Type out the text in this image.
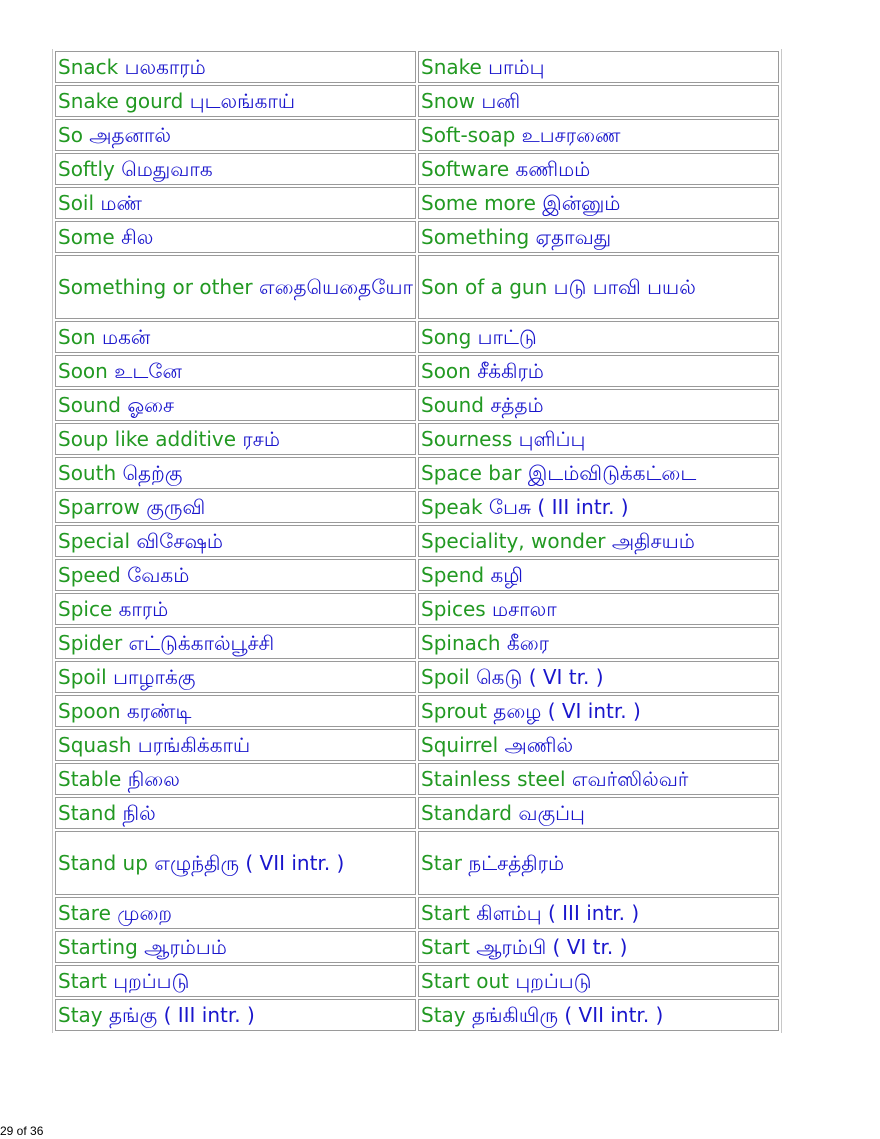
Snack பலகாரம்	Snake பாம்பு
Snake gourd புடலங்காய்	Snow பனி
So அதனால்	Soft-soap உபசரணை
Softly மெதுவாக	Software கணிமம்
Soil மண்	Some more இன்னும்
Some சில	Something ஏதாவது
Something or other எதையெதையோ	Son of a gun படு பாவி பயல்
Son மகன்	Song பாட்டு
Soon உடனே	Soon சீக்கிரம்
Sound ஓசை	Sound சத்தம்
Soup like additive ரசம்	Sourness புளிப்பு
South தெற்கு	Space bar இடம்விடுக்கட்டை
Sparrow குருவி	Speak பேசு ( III intr. )
Special விசேஷம்	Speciality, wonder அதிசயம்
Speed வேகம்	Spend கழி
Spice காரம்	Spices மசாலா
Spider எட்டுக்கால்பூச்சி	Spinach கீரை
Spoil பாழாக்கு	Spoil கெடு ( VI tr. )
Spoon கரண்டி	Sprout தழை ( VI intr. )
Squash பரங்கிக்காய்	Squirrel அணில்
Stable நிலை	Stainless steel எவர்ஸில்வர்
Stand நில்	Standard வகுப்பு
Stand up எழுந்திரு ( VII intr. )	Star நட்சத்திரம்
Stare முறை	Start கிளம்பு ( III intr. )
Starting ஆரம்பம்	Start ஆரம்பி ( VI tr. )
Start புறப்படு	Start out புறப்படு
Stay தங்கு ( III intr. )	Stay தங்கியிரு ( VII intr. )
29 of 36
